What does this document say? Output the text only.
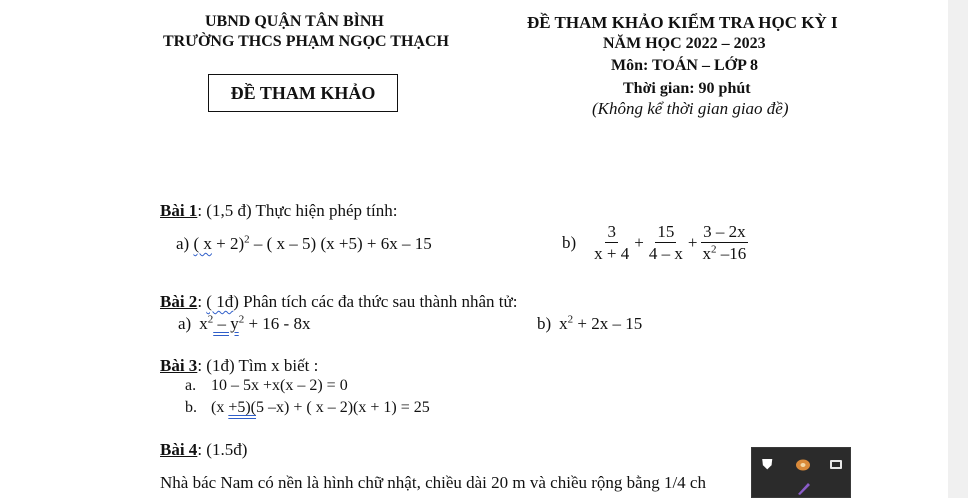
UBND QUẬN TÂN BÌNH
TRƯỜNG THCS PHẠM NGỌC THẠCH
ĐỀ THAM KHẢO KIỂM TRA HỌC KỲ I
NĂM HỌC 2022 – 2023
Môn: TOÁN – LỚP 8
Thời gian: 90 phút
(Không kể thời gian giao đề)
ĐỀ THAM KHẢO
Bài 1: (1,5 đ) Thực hiện phép tính:
a) ( x + 2)$^2$ – ( x – 5) (x +5) + 6x – 15	$b) \frac{3}{x + 4} + \frac{15}{4 - x} + \frac{3 - 2x}{x^2 -16}$
Bài 2: ( 1đ) Phân tích các đa thức sau thành nhân tử:
a) $x^2 - y^2 + 16 - 8x$	b) $x^2 + 2x - 15$
Bài 3: (1đ) Tìm x biết :
a. 10 – 5x +x(x – 2) = 0
b. (x +5)(5 –x) + ( x – 2)(x + 1) = 25
Bài 4: (1.5đ)
Nhà bác Nam có nền là hình chữ nhật, chiều dài 20 m và chiều rộng bằng 1/4 ch
⛊
